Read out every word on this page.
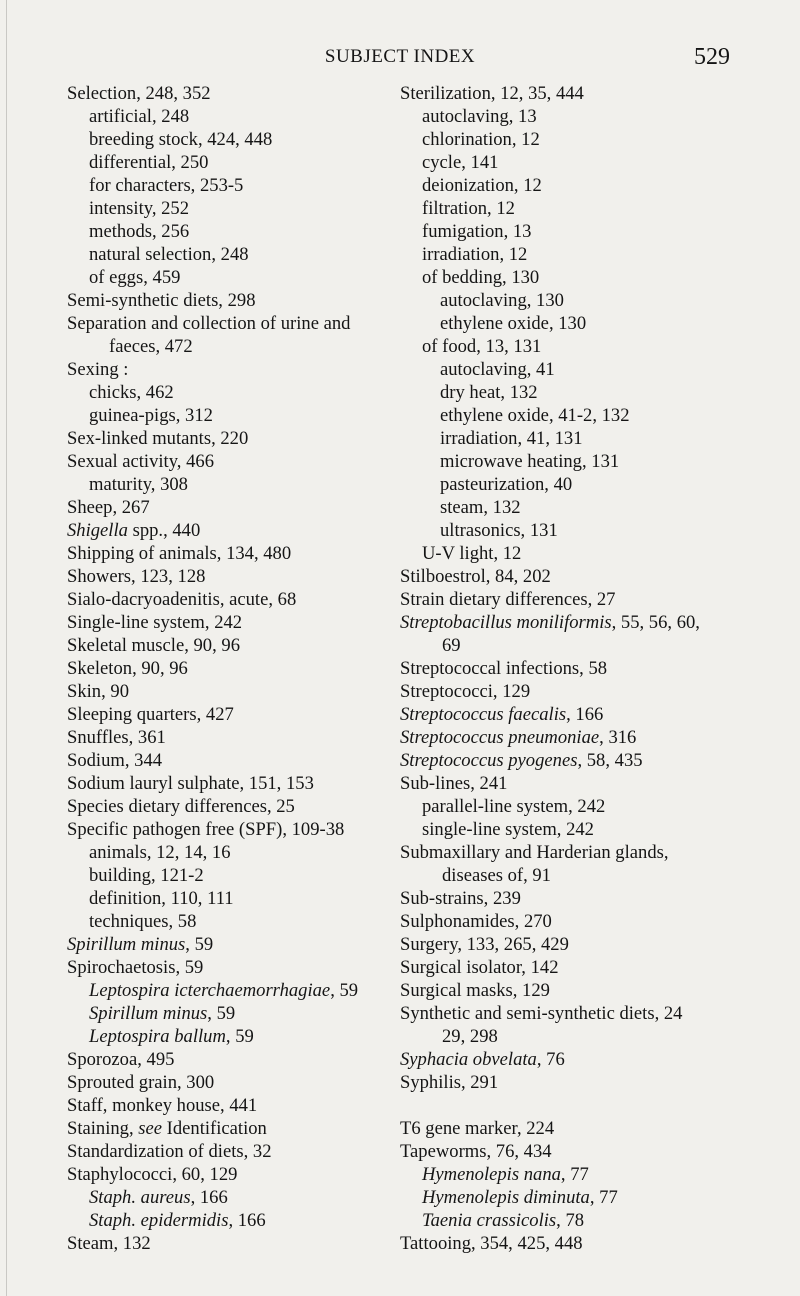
SUBJECT INDEX	529
Selection, 248, 352
artificial, 248
breeding stock, 424, 448
differential, 250
for characters, 253-5
intensity, 252
methods, 256
natural selection, 248
of eggs, 459
Semi-synthetic diets, 298
Separation and collection of urine and
faeces, 472
Sexing :
chicks, 462
guinea-pigs, 312
Sex-linked mutants, 220
Sexual activity, 466
maturity, 308
Sheep, 267
Shigella spp., 440
Shipping of animals, 134, 480
Showers, 123, 128
Sialo-dacryoadenitis, acute, 68
Single-line system, 242
Skeletal muscle, 90, 96
Skeleton, 90, 96
Skin, 90
Sleeping quarters, 427
Snuffles, 361
Sodium, 344
Sodium lauryl sulphate, 151, 153
Species dietary differences, 25
Specific pathogen free (SPF), 109-38
animals, 12, 14, 16
building, 121-2
definition, 110, 111
techniques, 58
Spirillum minus, 59
Spirochaetosis, 59
Leptospira icterchaemorrhagiae, 59
Spirillum minus, 59
Leptospira ballum, 59
Sporozoa, 495
Sprouted grain, 300
Staff, monkey house, 441
Staining, see Identification
Standardization of diets, 32
Staphylococci, 60, 129
Staph. aureus, 166
Staph. epidermidis, 166
Steam, 132
Sterilization, 12, 35, 444
autoclaving, 13
chlorination, 12
cycle, 141
deionization, 12
filtration, 12
fumigation, 13
irradiation, 12
of bedding, 130
autoclaving, 130
ethylene oxide, 130
of food, 13, 131
autoclaving, 41
dry heat, 132
ethylene oxide, 41-2, 132
irradiation, 41, 131
microwave heating, 131
pasteurization, 40
steam, 132
ultrasonics, 131
U-V light, 12
Stilboestrol, 84, 202
Strain dietary differences, 27
Streptobacillus moniliformis, 55, 56, 60,
69
Streptococcal infections, 58
Streptococci, 129
Streptococcus faecalis, 166
Streptococcus pneumoniae, 316
Streptococcus pyogenes, 58, 435
Sub-lines, 241
parallel-line system, 242
single-line system, 242
Submaxillary and Harderian glands,
diseases of, 91
Sub-strains, 239
Sulphonamides, 270
Surgery, 133, 265, 429
Surgical isolator, 142
Surgical masks, 129
Synthetic and semi-synthetic diets, 24
29, 298
Syphacia obvelata, 76
Syphilis, 291
T6 gene marker, 224
Tapeworms, 76, 434
Hymenolepis nana, 77
Hymenolepis diminuta, 77
Taenia crassicolis, 78
Tattooing, 354, 425, 448
